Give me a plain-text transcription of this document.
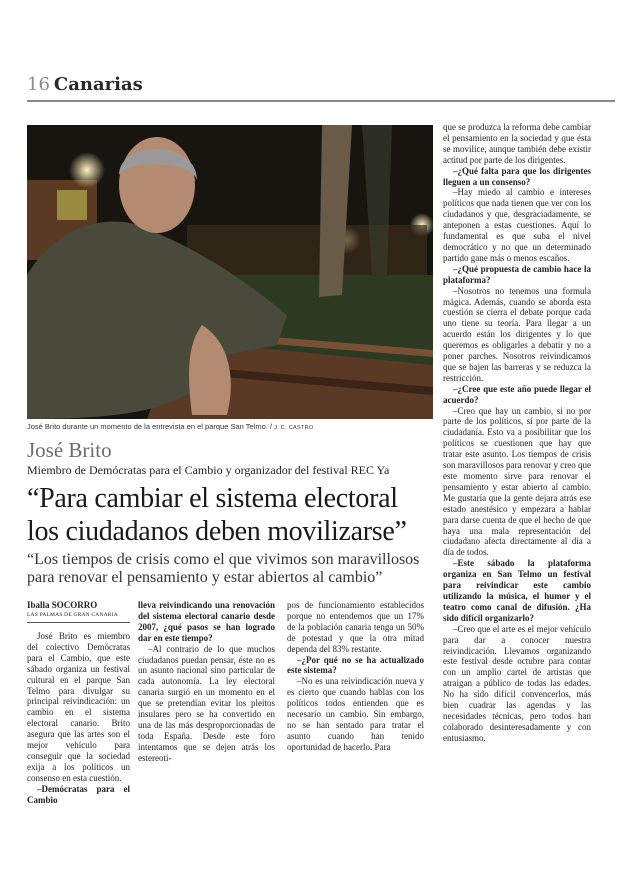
16 Canarias
José Brito durante un momento de la entrevista en el parque San Telmo. / J. C. CASTRO
José Brito
Miembro de Demócratas para el Cambio y organizador del festival REC Ya
“Para cambiar el sistema electoral
los ciudadanos deben movilizarse”
“Los tiempos de crisis como el que vivimos son maravillosos para renovar el pensamiento y estar abiertos al cambio”
Iballa SOCORRO
LAS PALMAS DE GRAN CANARIA

José Brito es miembro del colectivo Demócratas para el Cambio, que este sábado organiza un festival cultural en el parque San Telmo para divulgar su principal reivindicación: un cambio en el sistema electoral canario. Brito asegura que las artes son el mejor vehículo para conseguir que la sociedad exija a los políticos un consenso en esta cuestión.

–Demócratas para el Cambio

lleva reivindicando una renovación del sistema electoral canario desde 2007, ¿qué pasos se han logrado dar en este tiempo?

–Al contrario de lo que muchos ciudadanos puedan pensar, éste no es un asunto nacional sino particular de cada autonomía. La ley electoral canaria surgió en un momento en el que se pretendían evitar los pleitos insulares pero se ha convertido en una de las más desproporcionadas de toda España. Desde este foro intentamos que se dejen atrás los estereoti-

pos de funcionamiento establecidos porque no entendemos que un 17% de la población canaria tenga un 50% de potestad y que la otra mitad dependa del 83% restante.

–¿Por qué no se ha actualizado este sistema?

–No es una reivindicación nueva y es cierto que cuando hablas con los políticos todos entienden que es necesario un cambio. Sin embargo, no se han sentado para tratar el asunto cuando han tenido oportunidad de hacerlo. Para

que se produzca la reforma debe cambiar el pensamiento en la sociedad y que ésta se movilice, aunque también debe existir actitud por parte de los dirigentes.

–¿Qué falta para que los dirigentes lleguen a un consenso?

–Hay miedo al cambio e intereses políticos que nada tienen que ver con los ciudadanos y que, desgraciadamente, se anteponen a estas cuestiones. Aquí lo fundamental es que suba el nivel democrático y no que un determinado partido gane más o menos escaños.

–¿Qué propuesta de cambio hace la plataforma?

–Nosotros no tenemos una formula mágica. Además, cuando se aborda esta cuestión se cierra el debate porque cada uno tiene su teoría. Para llegar a un acuerdo están los dirigentes y lo que queremos es obligarles a debatir y no a poner parches. Nosotros reivindicamos que se bajen las barreras y se reduzca la restricción.

–¿Cree que este año puede llegar el acuerdo?

–Creo que hay un cambio, si no por parte de los políticos, sí por parte de la ciudadanía. Esto va a posibilitar que los políticos se cuestionen que hay que tratar este asunto. Los tiempos de crisis son maravillosos para renovar y creo que este momento sirve para renovar el pensamiento y estar abierto al cambio. Me gustaría que la gente dejara atrás ese estado anestésico y empezara a hablar para darse cuenta de que el hecho de que haya una mala representación del ciudadano afecta directamente al día a día de todos.

–Este sábado la plataforma organiza en San Telmo un festival para reivindicar este cambio utilizando la música, el humor y el teatro como canal de difusión. ¿Ha sido difícil organizarlo?

–Creo que el arte es el mejor vehículo para dar a conocer nuestra reivindicación. Llevamos organizando este festival desde octubre para contar con un amplio cartel de artistas que atraigan a público de todas las edades. No ha sido difícil convencerlos, más bien cuadrar las agendas y las necesidades técnicas, pero todos han colaborado desinteresadamente y con entusiasmo.
